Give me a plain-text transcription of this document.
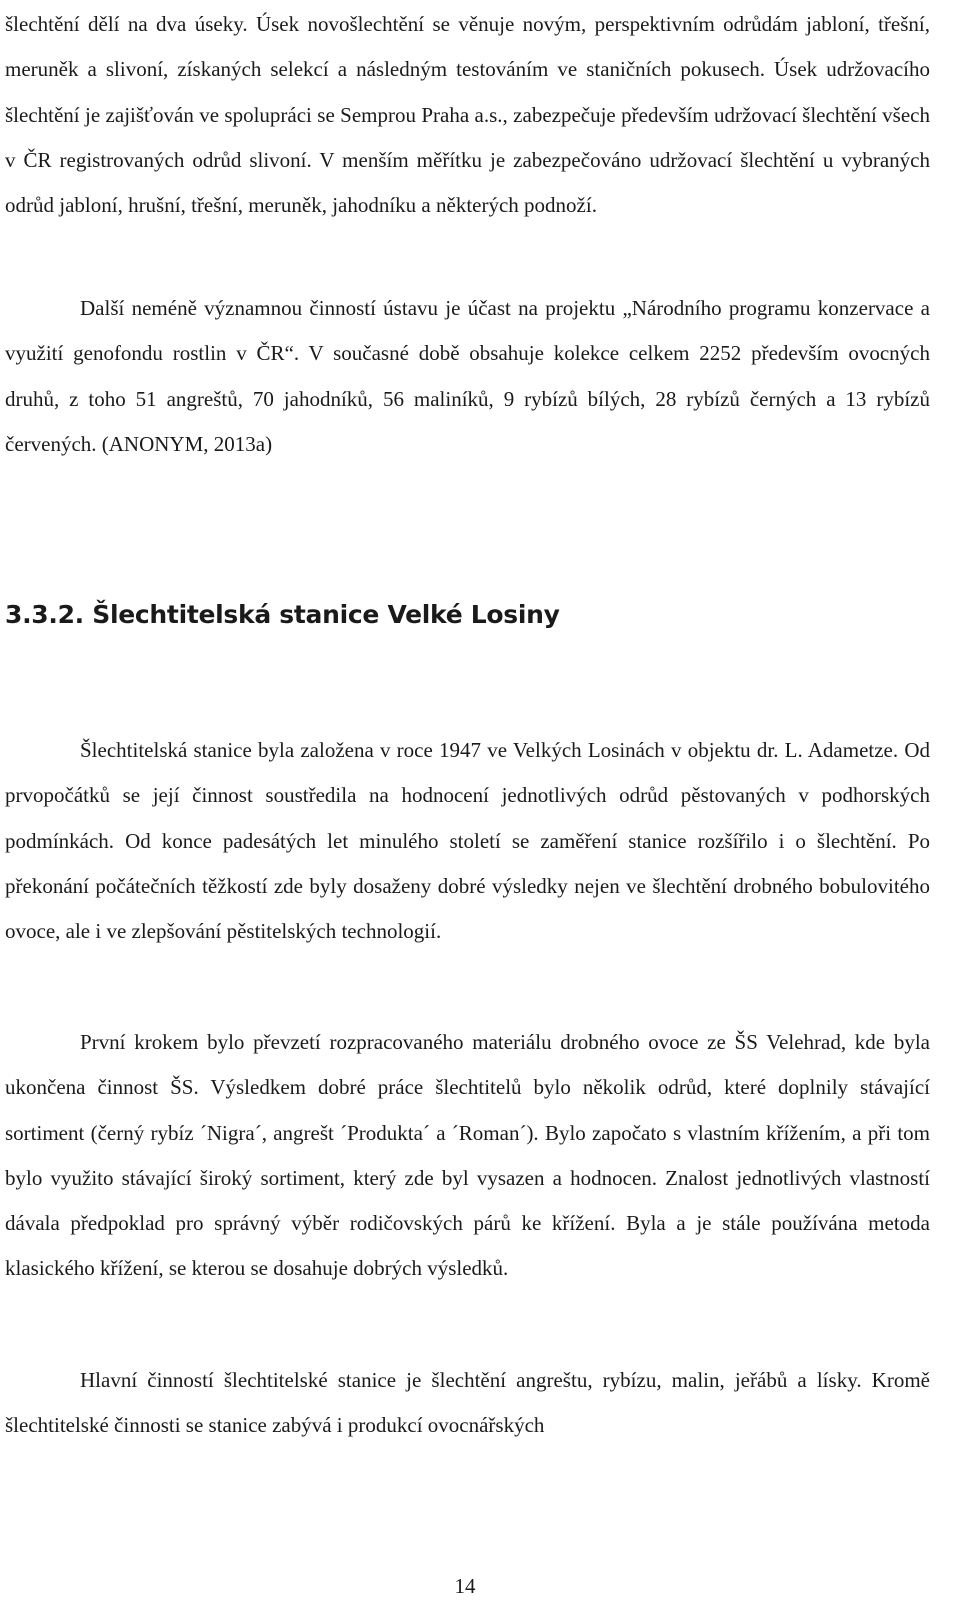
šlechtění dělí na dva úseky. Úsek novošlechtění se věnuje novým, perspektivním odrůdám jabloní, třešní, meruněk a slivoní, získaných selekcí a následným testováním ve staničních pokusech. Úsek udržovacího šlechtění je zajišťován ve spolupráci se Semprou Praha a.s., zabezpečuje především udržovací šlechtění všech v ČR registrovaných odrůd slivoní. V menším měřítku je zabezpečováno udržovací šlechtění u vybraných odrůd jabloní, hrušní, třešní, meruněk, jahodníku a některých podnoží.

Další neméně významnou činností ústavu je účast na projektu „Národního programu konzervace a využití genofondu rostlin v ČR“. V současné době obsahuje kolekce celkem 2252 především ovocných druhů, z toho 51 angreštů, 70 jahodníků, 56 maliníků, 9 rybízů bílých, 28 rybízů černých a 13 rybízů červených. (ANONYM, 2013a)

3.3.2. Šlechtitelská stanice Velké Losiny

Šlechtitelská stanice byla založena v roce 1947 ve Velkých Losinách v objektu dr. L. Adametze. Od prvopočátků se její činnost soustředila na hodnocení jednotlivých odrůd pěstovaných v podhorských podmínkách. Od konce padesátých let minulého století se zaměření stanice rozšířilo i o šlechtění. Po překonání počátečních těžkostí zde byly dosaženy dobré výsledky nejen ve šlechtění drobného bobulovitého ovoce, ale i ve zlepšování pěstitelských technologií.

První krokem bylo převzetí rozpracovaného materiálu drobného ovoce ze ŠS Velehrad, kde byla ukončena činnost ŠS. Výsledkem dobré práce šlechtitelů bylo několik odrůd, které doplnily stávající sortiment (černý rybíz ´Nigra´, angrešt ´Produkta´ a ´Roman´). Bylo započato s vlastním křížením, a při tom bylo využito stávající široký sortiment, který zde byl vysazen a hodnocen. Znalost jednotlivých vlastností dávala předpoklad pro správný výběr rodičovských párů ke křížení. Byla a je stále používána metoda klasického křížení, se kterou se dosahuje dobrých výsledků.

Hlavní činností šlechtitelské stanice je šlechtění angreštu, rybízu, malin, jeřábů a lísky. Kromě šlechtitelské činnosti se stanice zabývá i produkcí ovocnářských

14
